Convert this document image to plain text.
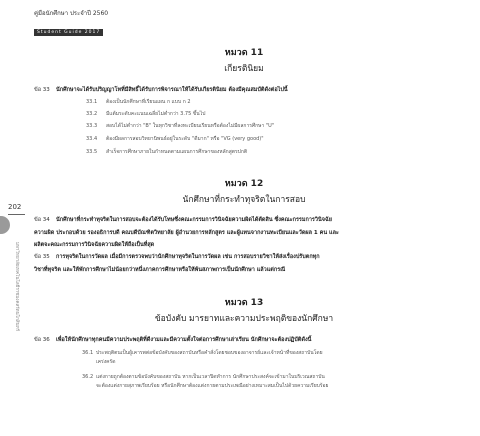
คู่มือนักศึกษา ประจำปี 2560
Student Guide 2017
202
มหาวิทยาลัยเทคโนโลยีราชมงคลรัตนโกสินทร์
หมวด 11
เกียรตินิยม
ข้อ 33	นักศึกษาจะได้รับปริญญาโทที่มีสิทธิ์ได้รับการพิจารณาให้ได้รับเกียรตินิยม ต้องมีคุณสมบัติดังต่อไปนี้
33.1 ต้องเป็นนักศึกษาที่เรียนแผน ก แบบ ก 2
33.2 มีแต้มระดับคะแนนเฉลี่ยไม่ต่ำกว่า 3.75 ขึ้นไป
33.3 สอบได้ไม่ต่ำกว่า "B" ในทุกวิชาที่ลงทะเบียนเรียนหรือต้องไม่มีผลการศึกษา "U"
33.4 ต้องมีผลการสอบวิทยานิพนธ์อยู่ในระดับ "ดีมาก" หรือ "VG (very good)"
33.5 สำเร็จการศึกษาภายในกำหนดตามแผนการศึกษาของหลักสูตรปกติ
หมวด 12
นักศึกษาที่กระทำทุจริตในการสอบ
ข้อ 34	นักศึกษาที่กระทำทุจริตในการสอบจะต้องได้รับโทษซึ่งคณะกรรมการวินิจฉัยความผิดได้ตัดสิน ซึ่งคณะกรรมการวินิจฉัย
ความผิด ประกอบด้วย รองอธิการบดี คณบดีบัณฑิตวิทยาลัย ผู้อำนวยการหลักสูตร และผู้แทนจากงานทะเบียนและวัดผล 1 คน และ
ผลิตจะคณะกรรมการวินิจฉัยความผิดให้ถือเป็นที่สุด
ข้อ 35	การทุจริตในการวัดผล เมื่อมีการตรวจพบว่านักศึกษาทุจริตในการวัดผล เช่น การสอบรายวิชาให้ส่งเรื่องปรับตกทุก
วิชาที่ทุจริต และให้พักการศึกษาไม่น้อยกว่าหนึ่งภาคการศึกษาหรือให้พ้นสภาพการเป็นนักศึกษา แล้วแต่กรณี
หมวด 13
ข้อบังคับ มารยาทและความประพฤติของนักศึกษา
ข้อ 36	เพื่อให้นักศึกษาทุกคนมีความประพฤติที่ดีงามและมีความตั้งใจต่อการศึกษาเล่าเรียน นักศึกษาจะต้องปฏิบัติดังนี้
36.1 ประพฤติตนเป็นผู้เคารพต่อข้อบังคับของสถาบันหรือคำสั่งโดยชอบของอาจารย์และเจ้าหน้าที่ของสถาบันโดย
เคร่งครัด
36.2 แต่งกายถูกต้องตามข้อบังคับของสถาบัน หากเป็นเวลาปิดทำการ นักศึกษาประสงค์จะเข้ามาในบริเวณสถาบัน
จะต้องแต่งกายสุภาพเรียบร้อย หรือนักศึกษาต้องแต่งกายตามประเพณีอย่างเหมาะสมเป็นไปด้วยความเรียบร้อย
